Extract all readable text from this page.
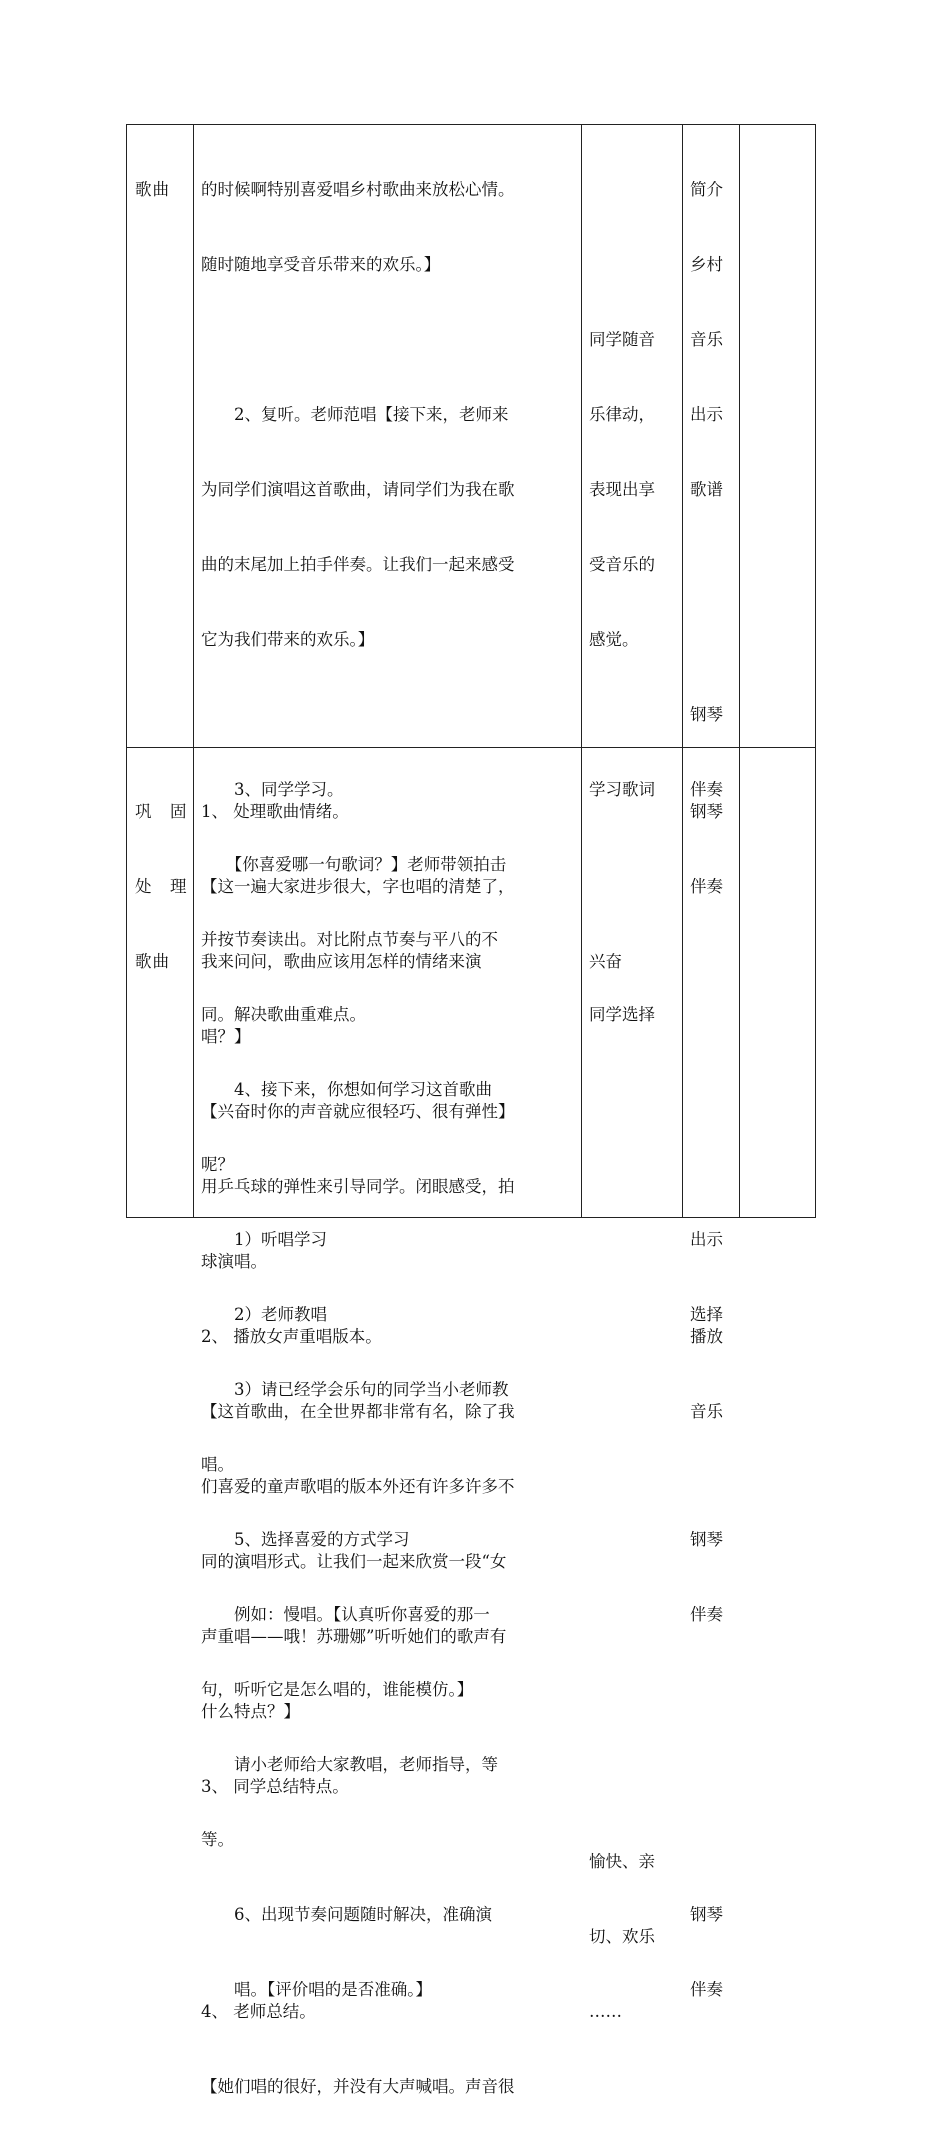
歌曲

	的时候啊特别喜爱唱乡村歌曲来放松心情。

随时随地享受音乐带来的欢乐。】

　　2、复听。老师范唱【接下来，老师来

为同学们演唱这首歌曲，请同学们为我在歌

曲的末尾加上拍手伴奏。让我们一起来感受

它为我们带来的欢乐。】

　　3、同学学习。

　　【你喜爱哪一句歌词？】老师带领拍击

并按节奏读出。对比附点节奏与平八的不

同。解决歌曲重难点。

　　4、接下来，你想如何学习这首歌曲

呢？

　　1）听唱学习

　　2）老师教唱

　　3）请已经学会乐句的同学当小老师教

唱。

　　5、选择喜爱的方式学习

　　例如：慢唱。【认真听你喜爱的那一

句，听听它是怎么唱的，谁能模仿。】

　　请小老师给大家教唱，老师指导，等

等。

　　6、出现节奏问题随时解决，准确演

　　唱。【评价唱的是否准确。】

同学随音

乐律动，

表现出享

受音乐的

感觉。

学习歌词

同学选择

简介

乡村

音乐

出示

歌谱

钢琴

伴奏

出示

选择

钢琴

伴奏

钢琴

伴奏

巩　固

处　理

歌曲

1、 处理歌曲情绪。

【这一遍大家进步很大，字也唱的清楚了，

我来问问，歌曲应该用怎样的情绪来演

唱？】

【兴奋时你的声音就应很轻巧、很有弹性】

用乒乓球的弹性来引导同学。闭眼感受，拍

球演唱。

2、 播放女声重唱版本。

【这首歌曲，在全世界都非常有名，除了我

们喜爱的童声歌唱的版本外还有许多许多不

同的演唱形式。让我们一起来欣赏一段“女

声重唱——哦！苏珊娜”听听她们的歌声有

什么特点？】

3、 同学总结特点。

4、 老师总结。

【她们唱的很好，并没有大声喊唱。声音很

兴奋

愉快、亲

切、欢乐

……

钢琴

伴奏

播放

音乐
